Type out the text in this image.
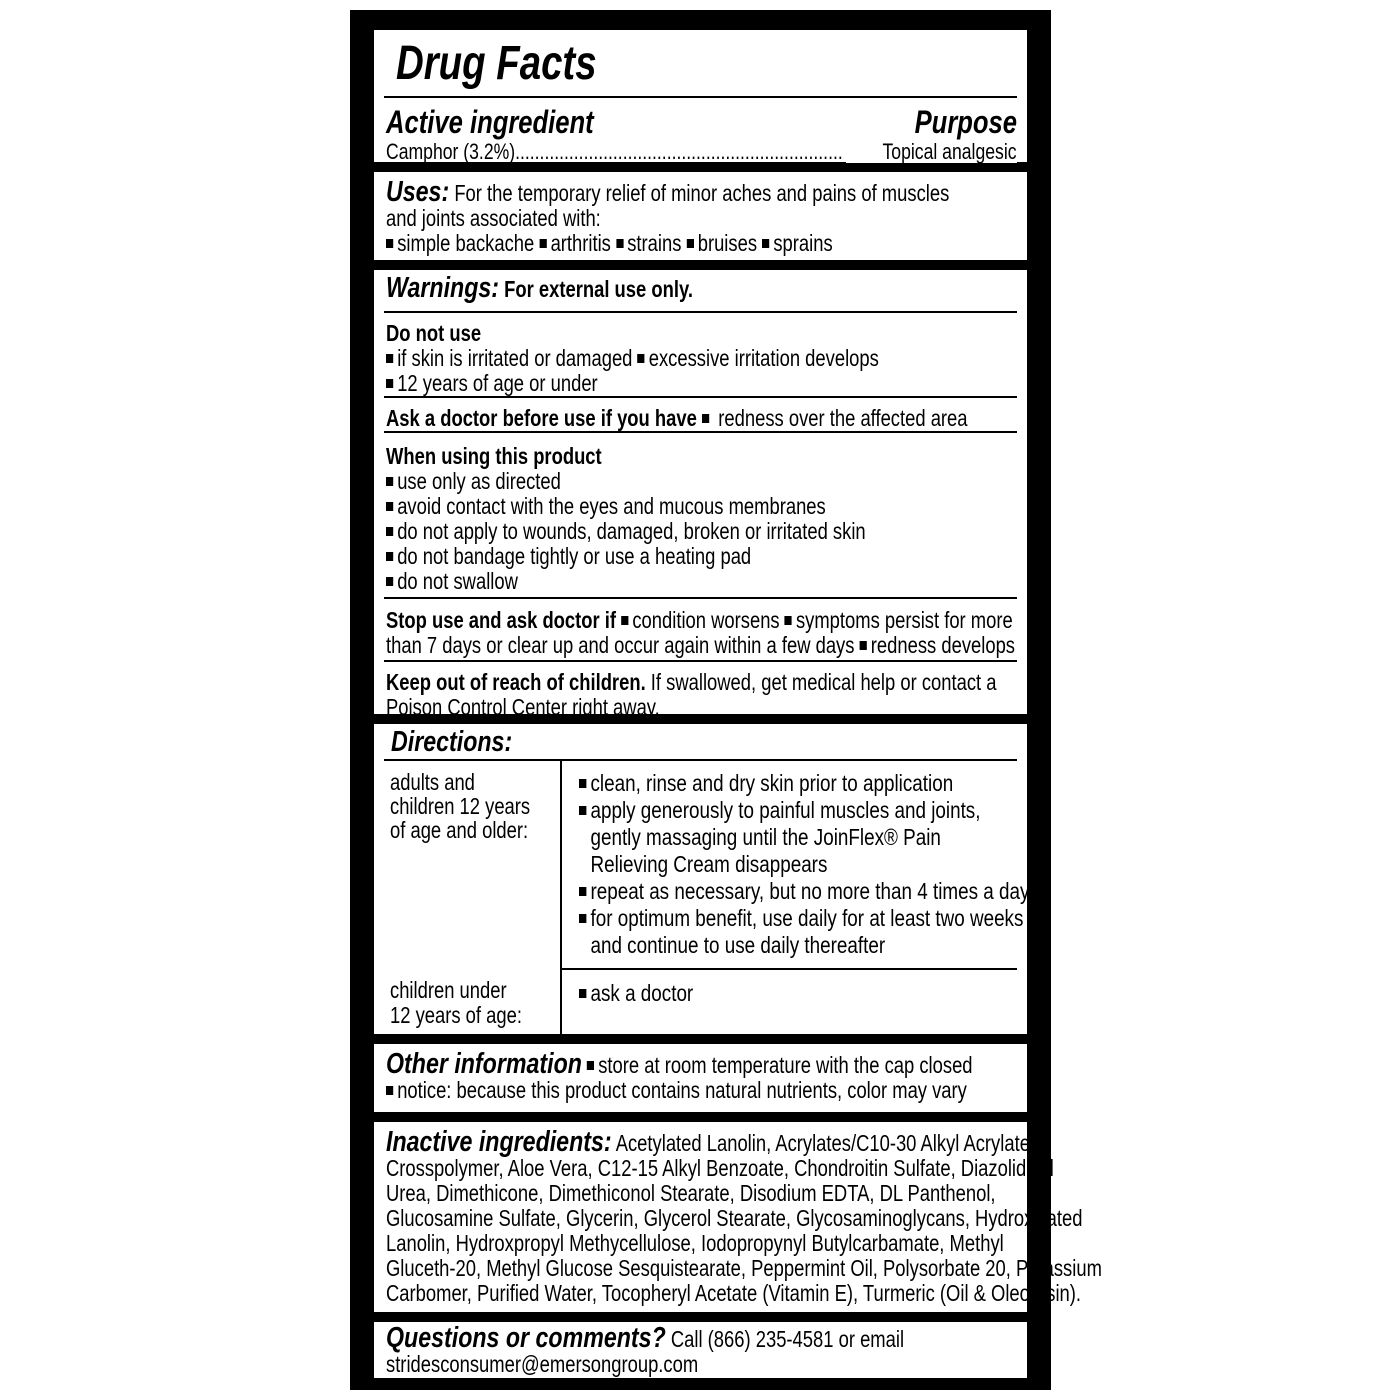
Drug Facts
Active ingredient	Purpose
Camphor (3.2%)...................................................................	Topical analgesic
Uses: For the temporary relief of minor aches and pains of muscles
and joints associated with:
simple backache arthritis strains bruises sprains
Warnings: For external use only.
Do not use
if skin is irritated or damaged excessive irritation develops
12 years of age or under
Ask a doctor before use if you have redness over the affected area
When using this product
use only as directed
avoid contact with the eyes and mucous membranes
do not apply to wounds, damaged, broken or irritated skin
do not bandage tightly or use a heating pad
do not swallow
Stop use and ask doctor if condition worsens symptoms persist for more
than 7 days or clear up and occur again within a few days redness develops
Keep out of reach of children. If swallowed, get medical help or contact a
Poison Control Center right away.
Directions:
adults and
children 12 years
of age and older:
clean, rinse and dry skin prior to application
apply generously to painful muscles and joints,
gently massaging until the JoinFlex® Pain
Relieving Cream disappears
repeat as necessary, but no more than 4 times a day
for optimum benefit, use daily for at least two weeks
and continue to use daily thereafter
children under
12 years of age:
ask a doctor
Other information store at room temperature with the cap closed
notice: because this product contains natural nutrients, color may vary
Inactive ingredients: Acetylated Lanolin, Acrylates/C10-30 Alkyl Acrylate
Crosspolymer, Aloe Vera, C12-15 Alkyl Benzoate, Chondroitin Sulfate, Diazolidinyl
Urea, Dimethicone, Dimethiconol Stearate, Disodium EDTA, DL Panthenol,
Glucosamine Sulfate, Glycerin, Glycerol Stearate, Glycosaminoglycans, Hydroxylated
Lanolin, Hydroxpropyl Methycellulose, Iodopropynyl Butylcarbamate, Methyl
Gluceth-20, Methyl Glucose Sesquistearate, Peppermint Oil, Polysorbate 20, Potassium
Carbomer, Purified Water, Tocopheryl Acetate (Vitamin E), Turmeric (Oil & Oleoresin).
Questions or comments? Call (866) 235-4581 or email
stridesconsumer@emersongroup.com
